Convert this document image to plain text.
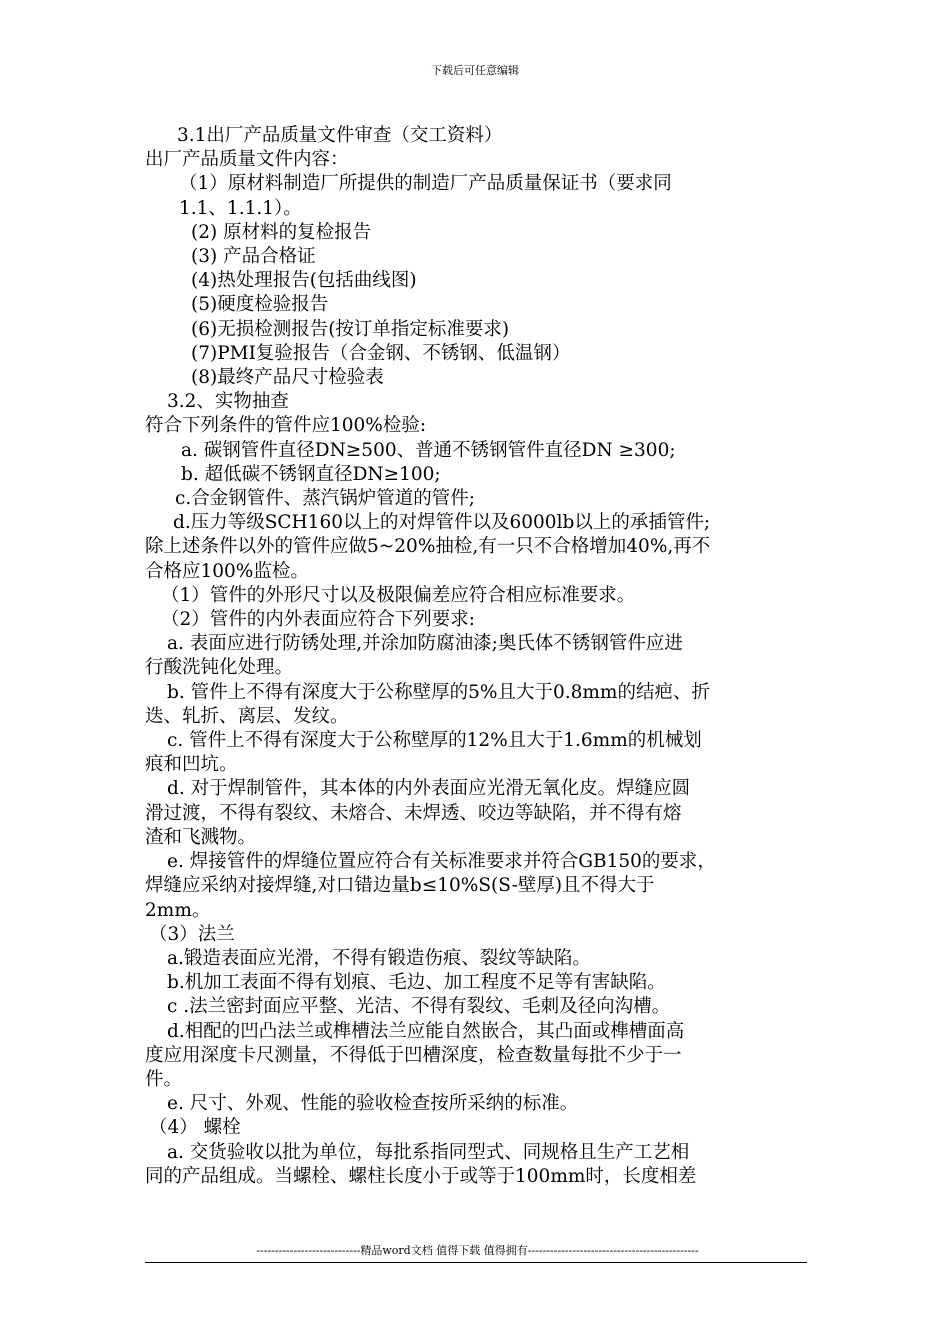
下载后可任意编辑

3.1出厂产品质量文件审查（交工资料）

出厂产品质量文件内容：

（1）原材料制造厂所提供的制造厂产品质量保证书（要求同

1.1、1.1.1）。

(2) 原材料的复检报告

(3) 产品合格证

(4)热处理报告(包括曲线图)

(5)硬度检验报告

(6)无损检测报告(按订单指定标准要求)

(7)PMI复验报告（合金钢、不锈钢、低温钢）

(8)最终产品尺寸检验表

3.2、实物抽查

符合下列条件的管件应100%检验:

a. 碳钢管件直径DN≥500、普通不锈钢管件直径DN ≥300;

b. 超低碳不锈钢直径DN≥100;

c.合金钢管件、蒸汽锅炉管道的管件;

d.压力等级SCH160以上的对焊管件以及6000lb以上的承插管件;

除上述条件以外的管件应做5~20%抽检,有一只不合格增加40%,再不

合格应100%监检。

（1）管件的外形尺寸以及极限偏差应符合相应标准要求。

（2）管件的内外表面应符合下列要求:

a. 表面应进行防锈处理,并涂加防腐油漆;奥氏体不锈钢管件应进

行酸洗钝化处理。

b. 管件上不得有深度大于公称壁厚的5%且大于0.8mm的结疤、折

迭、轧折、离层、发纹。

c. 管件上不得有深度大于公称壁厚的12%且大于1.6mm的机械划

痕和凹坑。

d. 对于焊制管件，其本体的内外表面应光滑无氧化皮。焊缝应圆

滑过渡，不得有裂纹、未熔合、未焊透、咬边等缺陷，并不得有熔

渣和飞溅物。

e. 焊接管件的焊缝位置应符合有关标准要求并符合GB150的要求，

焊缝应采纳对接焊缝,对口错边量b≤10%S(S-壁厚)且不得大于

2mm。

（3）法兰

a.锻造表面应光滑，不得有锻造伤痕、裂纹等缺陷。

b.机加工表面不得有划痕、毛边、加工程度不足等有害缺陷。

c .法兰密封面应平整、光洁、不得有裂纹、毛刺及径向沟槽。

d.相配的凹凸法兰或榫槽法兰应能自然嵌合，其凸面或榫槽面高

度应用深度卡尺测量，不得低于凹槽深度，检查数量每批不少于一

件。

e. 尺寸、外观、性能的验收检查按所采纳的标准。

（4） 螺栓

a. 交货验收以批为单位，每批系指同型式、同规格且生产工艺相

同的产品组成。当螺栓、螺柱长度小于或等于100mm时，长度相差

----------------------------精品word文档 值得下载 值得拥有----------------------------------------------
